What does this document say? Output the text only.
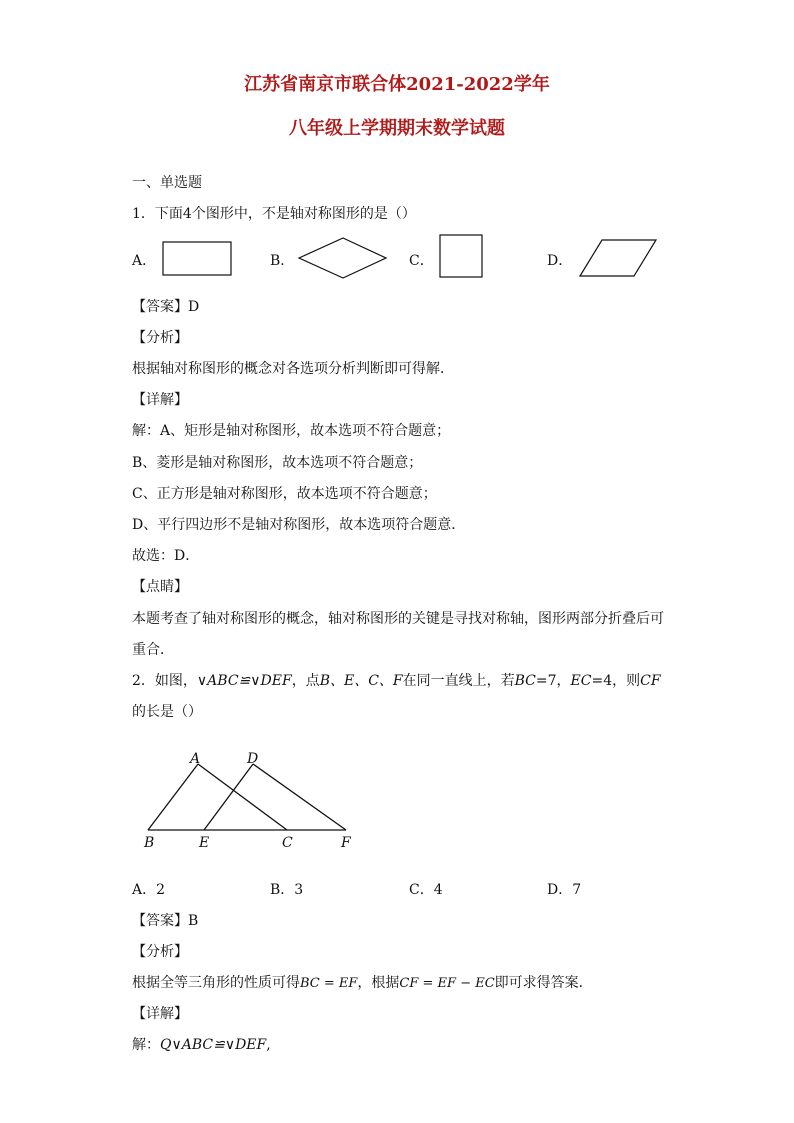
江苏省南京市联合体2021-2022学年
八年级上学期期末数学试题
一、单选题
1．下面4个图形中，不是轴对称图形的是（）
A．	B．	C．	D．
【答案】D
【分析】
根据轴对称图形的概念对各选项分析判断即可得解．
【详解】
解：A、矩形是轴对称图形，故本选项不符合题意；
B、菱形是轴对称图形，故本选项不符合题意；
C、正方形是轴对称图形，故本选项不符合题意；
D、平行四边形不是轴对称图形，故本选项符合题意．
故选：D．
【点睛】
本题考查了轴对称图形的概念，轴对称图形的关键是寻找对称轴，图形两部分折叠后可
重合．
2．如图，∨ABC≌∨DEF，点B、E、C、F在同一直线上，若BC=7，EC=4，则CF
的长是（）
A	D
B	E	C	F
A．2	B．3	C．4	D．7
【答案】B
【分析】
根据全等三角形的性质可得BC = EF，根据CF = EF − EC即可求得答案．
【详解】
解：Q∨ABC≌∨DEF,
